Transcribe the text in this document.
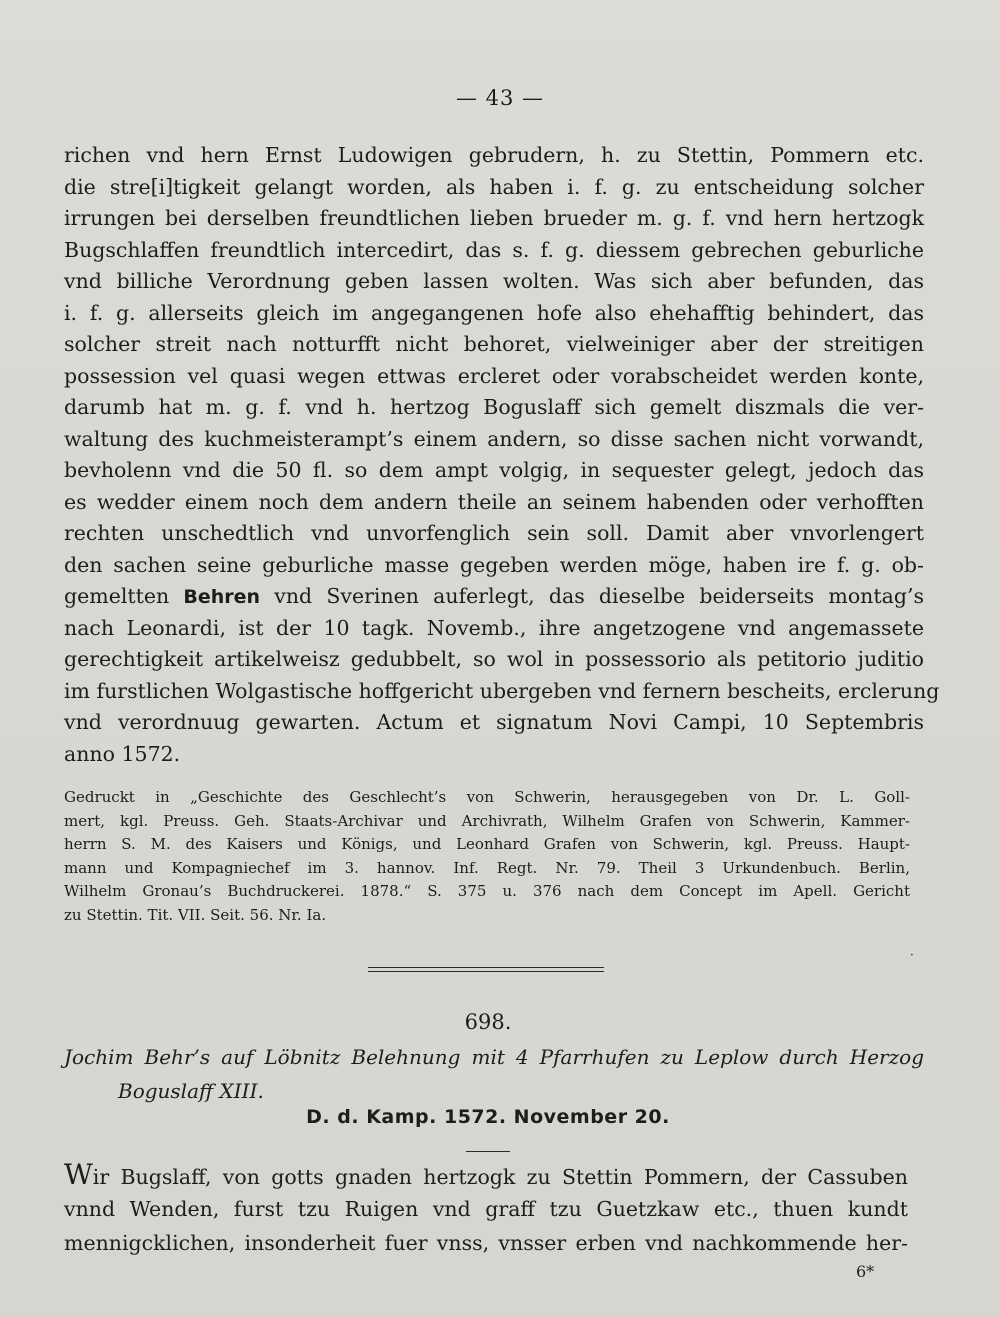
— 43 —
richen vnd hern Ernst Ludowigen gebrudern, h. zu Stettin, Pommern etc.
die stre[i]tigkeit gelangt worden, als haben i. f. g. zu entscheidung solcher
irrungen bei derselben freundtlichen lieben brueder m. g. f. vnd hern hertzogk
Bugschlaffen freundtlich intercedirt, das s. f. g. diessem gebrechen geburliche
vnd billiche Verordnung geben lassen wolten. Was sich aber befunden, das
i. f. g. allerseits gleich im angegangenen hofe also ehehafftig behindert, das
solcher streit nach notturfft nicht behoret, vielweiniger aber der streitigen
possession vel quasi wegen ettwas ercleret oder vorabscheidet werden konte,
darumb hat m. g. f. vnd h. hertzog Boguslaff sich gemelt diszmals die ver-
waltung des kuchmeisterampt’s einem andern, so disse sachen nicht vorwandt,
bevholenn vnd die 50 fl. so dem ampt volgig, in sequester gelegt, jedoch das
es wedder einem noch dem andern theile an seinem habenden oder verhofften
rechten unschedtlich vnd unvorfenglich sein soll. Damit aber vnvorlengert
den sachen seine geburliche masse gegeben werden möge, haben ire f. g. ob-
gemeltten Behren vnd Sverinen auferlegt, das dieselbe beiderseits montag’s
nach Leonardi, ist der 10 tagk. Novemb., ihre angetzogene vnd angemassete
gerechtigkeit artikelweisz gedubbelt, so wol in possessorio als petitorio juditio
im furstlichen Wolgastische hoffgericht ubergeben vnd fernern bescheits, erclerung
vnd verordnuug gewarten. Actum et signatum Novi Campi, 10 Septembris
anno 1572.
Gedruckt in „Geschichte des Geschlecht’s von Schwerin, herausgegeben von Dr. L. Goll-
mert, kgl. Preuss. Geh. Staats-Archivar und Archivrath, Wilhelm Grafen von Schwerin, Kammer-
herrn S. M. des Kaisers und Königs, und Leonhard Grafen von Schwerin, kgl. Preuss. Haupt-
mann und Kompagniechef im 3. hannov. Inf. Regt. Nr. 79. Theil 3 Urkundenbuch. Berlin,
Wilhelm Gronau’s Buchdruckerei. 1878.“ S. 375 u. 376 nach dem Concept im Apell. Gericht
zu Stettin. Tit. VII. Seit. 56. Nr. Ia.
·
698.
Jochim Behr’s auf Löbnitz Belehnung mit 4 Pfarrhufen zu Leplow durch Herzog
Boguslaff XIII.
D. d. Kamp. 1572. November 20.
Wir Bugslaff, von gotts gnaden hertzogk zu Stettin Pommern, der Cassuben
vnnd Wenden, furst tzu Ruigen vnd graff tzu Guetzkaw etc., thuen kundt
mennigcklichen, insonderheit fuer vnss, vnsser erben vnd nachkommende her-
6*
